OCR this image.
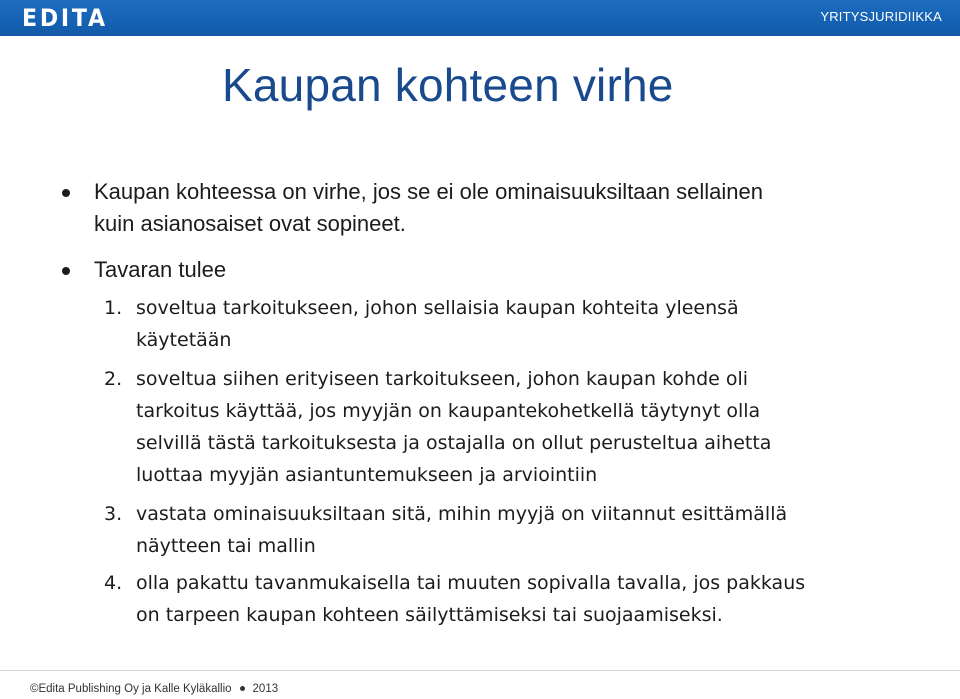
EDITA	YRITYSJURIDIIKKA
Kaupan kohteen virhe
Kaupan kohteessa on virhe, jos se ei ole ominaisuuksiltaan sellainen
kuin asianosaiset ovat sopineet.
Tavaran tulee
1. soveltua tarkoitukseen, johon sellaisia kaupan kohteita yleensä
käytetään
2. soveltua siihen erityiseen tarkoitukseen, johon kaupan kohde oli
tarkoitus käyttää, jos myyjän on kaupantekohetkellä täytynyt olla
selvillä tästä tarkoituksesta ja ostajalla on ollut perusteltua aihetta
luottaa myyjän asiantuntemukseen ja arviointiin
3. vastata ominaisuuksiltaan sitä, mihin myyjä on viitannut esittämällä
näytteen tai mallin
4. olla pakattu tavanmukaisella tai muuten sopivalla tavalla, jos pakkaus
on tarpeen kaupan kohteen säilyttämiseksi tai suojaamiseksi.
©Edita Publishing Oy ja Kalle Kyläkallio 2013
